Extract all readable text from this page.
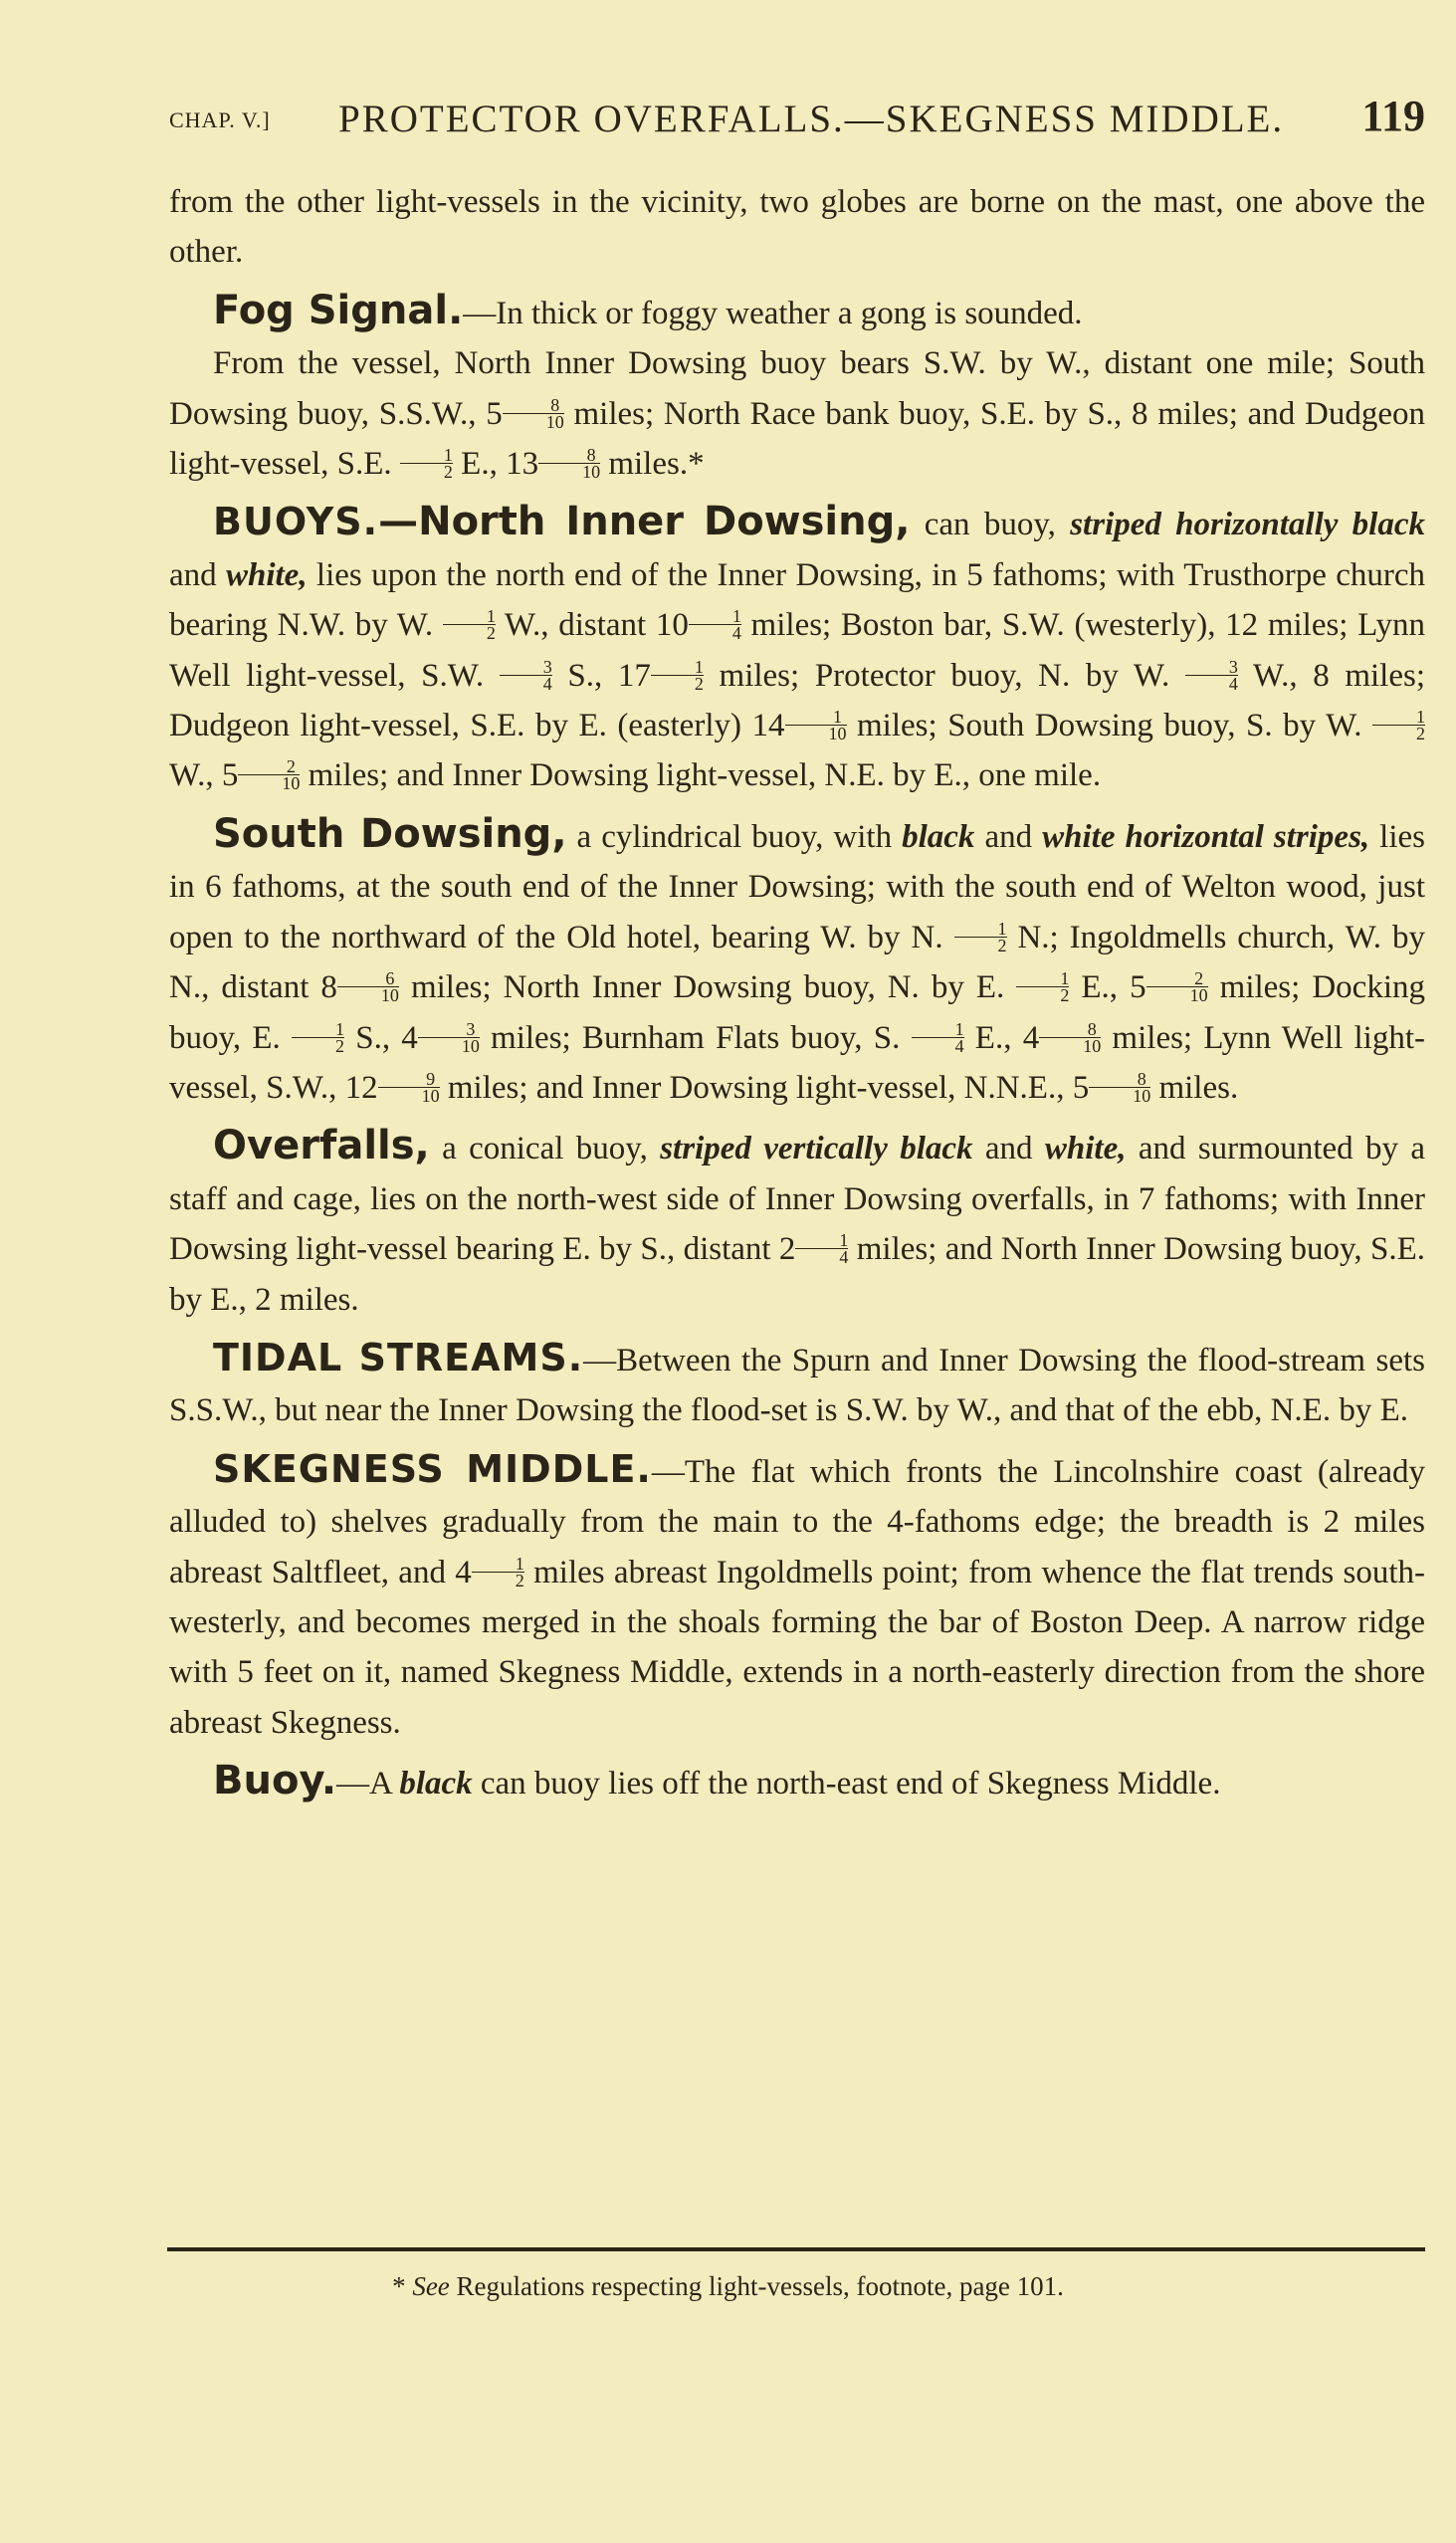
CHAP. V.] PROTECTOR OVERFALLS.—SKEGNESS MIDDLE. 119

from the other light-vessels in the vicinity, two globes are borne on the mast, one above the other.

Fog Signal.—In thick or foggy weather a gong is sounded.

From the vessel, North Inner Dowsing buoy bears S.W. by W., distant one mile; South Dowsing buoy, S.S.W., $5 \frac{8}{10}$ miles; North Race bank buoy, S.E. by S., 8 miles; and Dudgeon light-vessel, S.E. $\frac{1}{2} E$., $13 \frac{8}{10}$ miles.*

BUOYS.—North Inner Dowsing, can buoy, striped horizontally black and white, lies upon the north end of the Inner Dowsing, in 5 fathoms; with Trusthorpe church bearing N.W. by W. $\frac{1}{2} W$., distant $10 \frac{1}{4}$ miles; Boston bar, S.W. (westerly), 12 miles; Lynn Well light-vessel, S.W. $\frac{3}{4} S$., $17 \frac{1}{2}$ miles; Protector buoy, N. by W. $\frac{3}{4} W$., 8 miles; Dudgeon light-vessel, S.E. by E. (easterly) $14 \frac{1}{10}$ miles; South Dowsing buoy, S. by W. $\frac{1}{2}$
W., $5 \frac{2}{10}$ miles; and Inner Dowsing light-vessel, N.E. by E., one mile.

South Dowsing, a cylindrical buoy, with black and white horizontal stripes, lies in 6 fathoms, at the south end of the Inner Dowsing; with the south end of Welton wood, just open to the northward of the Old hotel, bearing W. by N. $\frac{1}{2} N$.; Ingoldmells church, W. by N., distant $8 \frac{6}{10}$ miles; North Inner Dowsing buoy, N. by E. $\frac{1}{2} E$., $5 \frac{2}{10}$ miles; Docking buoy, E. $\frac{1}{2} S$., $4 \frac{3}{10}$ miles; Burnham Flats buoy, S. $\frac{1}{4} E$., $4 \frac{8}{10}$ miles; Lynn Well light-vessel, S.W., $12 \frac{9}{10}$ miles; and Inner Dowsing light-vessel, N.N.E., $5 \frac{8}{10}$ miles.

Overfalls, a conical buoy, striped vertically black and white, and surmounted by a staff and cage, lies on the north-west side of Inner Dowsing overfalls, in 7 fathoms; with Inner Dowsing light-vessel bearing E. by S., distant $2 \frac{1}{4}$ miles; and North Inner Dowsing buoy, S.E. by E., 2 miles.

TIDAL STREAMS.—Between the Spurn and Inner Dowsing the flood-stream sets S.S.W., but near the Inner Dowsing the flood-set is S.W. by W., and that of the ebb, N.E. by E.

SKEGNESS MIDDLE.—The flat which fronts the Lincolnshire coast (already alluded to) shelves gradually from the main to the 4-fathoms edge; the breadth is 2 miles abreast Saltfleet, and $4 \frac{1}{2}$ miles abreast Ingoldmells point; from whence the flat trends south-westerly, and becomes merged in the shoals forming the bar of Boston Deep. A narrow ridge with 5 feet on it, named Skegness Middle, extends in a north-easterly direction from the shore abreast Skegness.

Buoy.—A black can buoy lies off the north-east end of Skegness Middle.

* See Regulations respecting light-vessels, footnote, page 101.
